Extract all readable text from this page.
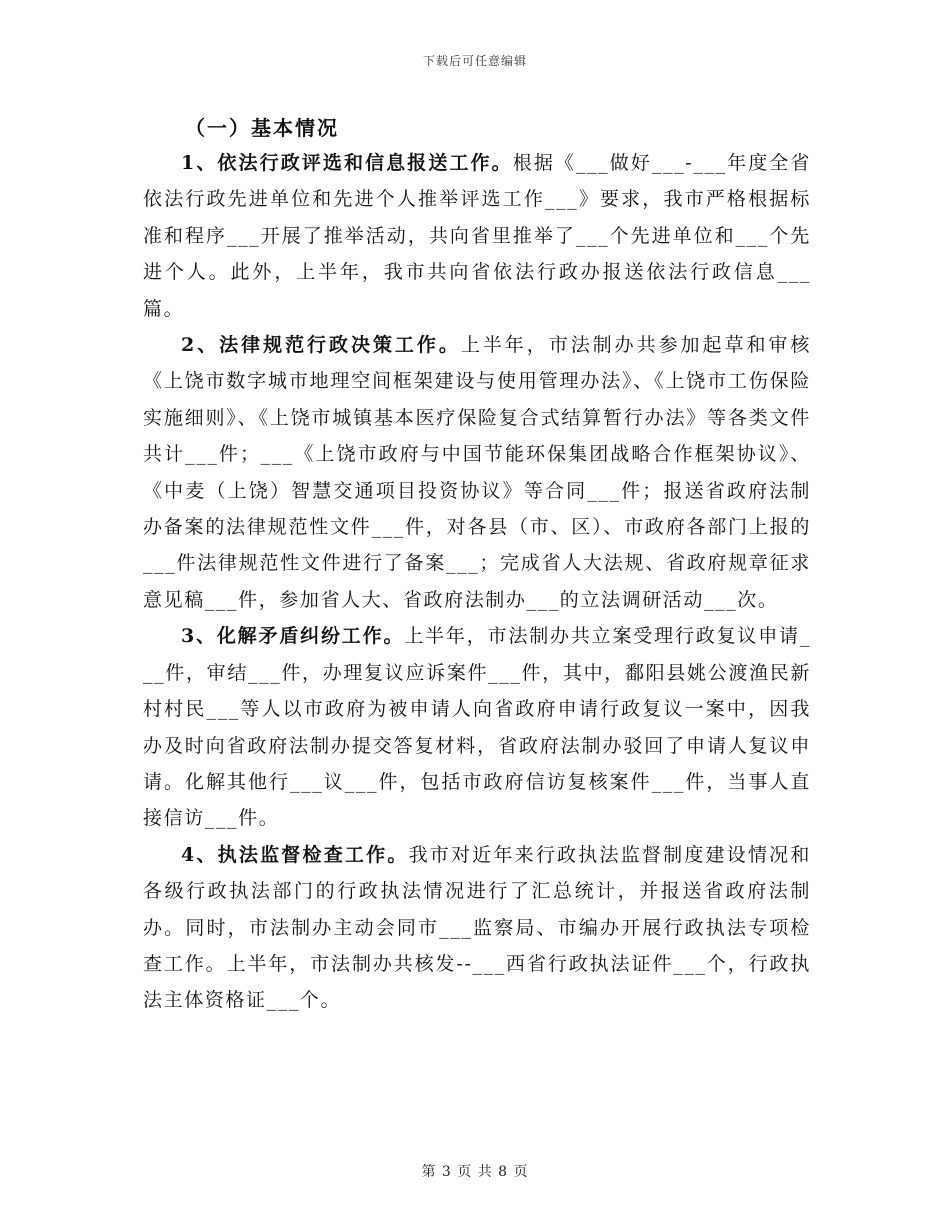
下载后可任意编辑

（一）基本情况

1、依法行政评选和信息报送工作。根据《___做好___-___年度全省依法行政先进单位和先进个人推举评选工作___》要求，我市严格根据标准和程序___开展了推举活动，共向省里推举了___个先进单位和___个先进个人。此外，上半年，我市共向省依法行政办报送依法行政信息___篇。

2、法律规范行政决策工作。上半年，市法制办共参加起草和审核《上饶市数字城市地理空间框架建设与使用管理办法》、《上饶市工伤保险实施细则》、《上饶市城镇基本医疗保险复合式结算暂行办法》等各类文件共计___件；___《上饶市政府与中国节能环保集团战略合作框架协议》、《中麦（上饶）智慧交通项目投资协议》等合同___件；报送省政府法制办备案的法律规范性文件___件，对各县（市、区）、市政府各部门上报的___件法律规范性文件进行了备案___；完成省人大法规、省政府规章征求意见稿___件，参加省人大、省政府法制办___的立法调研活动___次。

3、化解矛盾纠纷工作。上半年，市法制办共立案受理行政复议申请___件，审结___件，办理复议应诉案件___件，其中，鄱阳县姚公渡渔民新村村民___等人以市政府为被申请人向省政府申请行政复议一案中，因我办及时向省政府法制办提交答复材料，省政府法制办驳回了申请人复议申请。化解其他行___议___件，包括市政府信访复核案件___件，当事人直接信访___件。

4、执法监督检查工作。我市对近年来行政执法监督制度建设情况和各级行政执法部门的行政执法情况进行了汇总统计，并报送省政府法制办。同时，市法制办主动会同市___监察局、市编办开展行政执法专项检查工作。上半年，市法制办共核发--___西省行政执法证件___个，行政执法主体资格证___个。

第 3 页 共 8 页
